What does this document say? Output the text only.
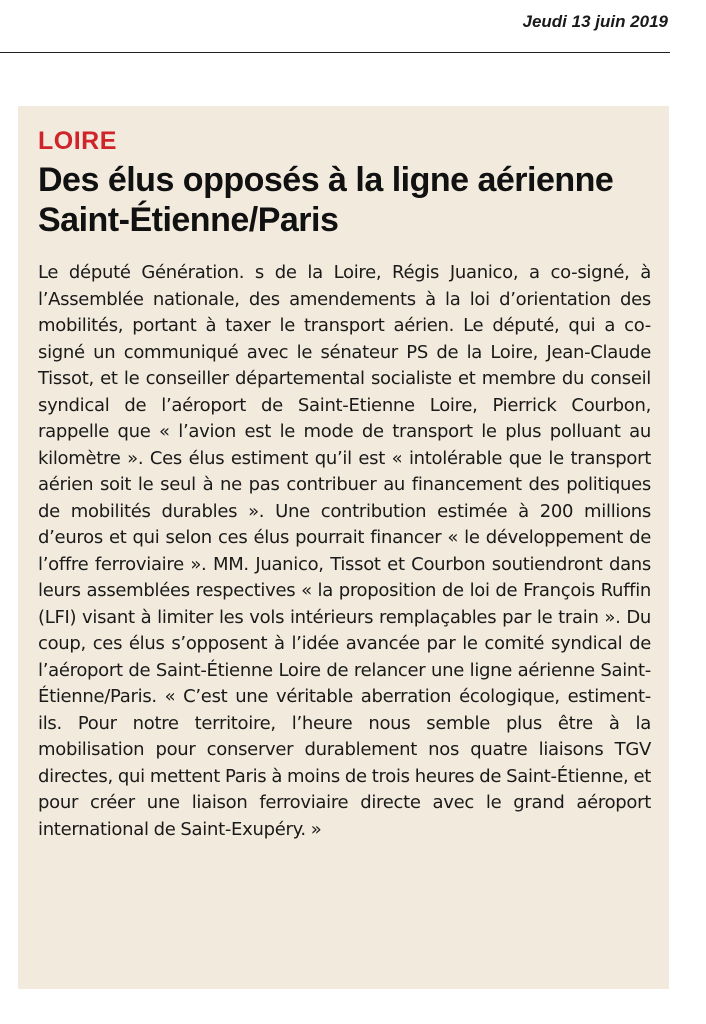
Jeudi 13 juin 2019
LOIRE
Des élus opposés à la ligne aérienne Saint-Étienne/Paris

Le député Génération. s de la Loire, Régis Juanico, a co-signé, à l’Assemblée nationale, des amendements à la loi d’orientation des mobilités, portant à taxer le transport aérien. Le député, qui a co-signé un communiqué avec le sénateur PS de la Loire, Jean-Claude Tissot, et le conseiller départemental socialiste et membre du conseil syndical de l’aéroport de Saint-Etienne Loire, Pierrick Courbon, rappelle que « l’avion est le mode de transport le plus polluant au kilomètre ». Ces élus estiment qu’il est « intolérable que le transport aérien soit le seul à ne pas contribuer au financement des politiques de mobilités durables ». Une contribution estimée à 200 millions d’euros et qui selon ces élus pourrait financer « le développement de l’offre ferroviaire ». MM. Juanico, Tissot et Courbon soutiendront dans leurs assemblées respectives « la proposition de loi de François Ruffin (LFI) visant à limiter les vols intérieurs remplaçables par le train ». Du coup, ces élus s’opposent à l’idée avancée par le comité syndical de l’aéroport de Saint-Étienne Loire de relancer une ligne aérienne Saint-Étienne/Paris. « C’est une véritable aberration écologique, estiment-ils. Pour notre territoire, l’heure nous semble plus être à la mobilisation pour conserver durablement nos quatre liaisons TGV directes, qui mettent Paris à moins de trois heures de Saint-Étienne, et pour créer une liaison ferroviaire directe avec le grand aéroport international de Saint-Exupéry. »
